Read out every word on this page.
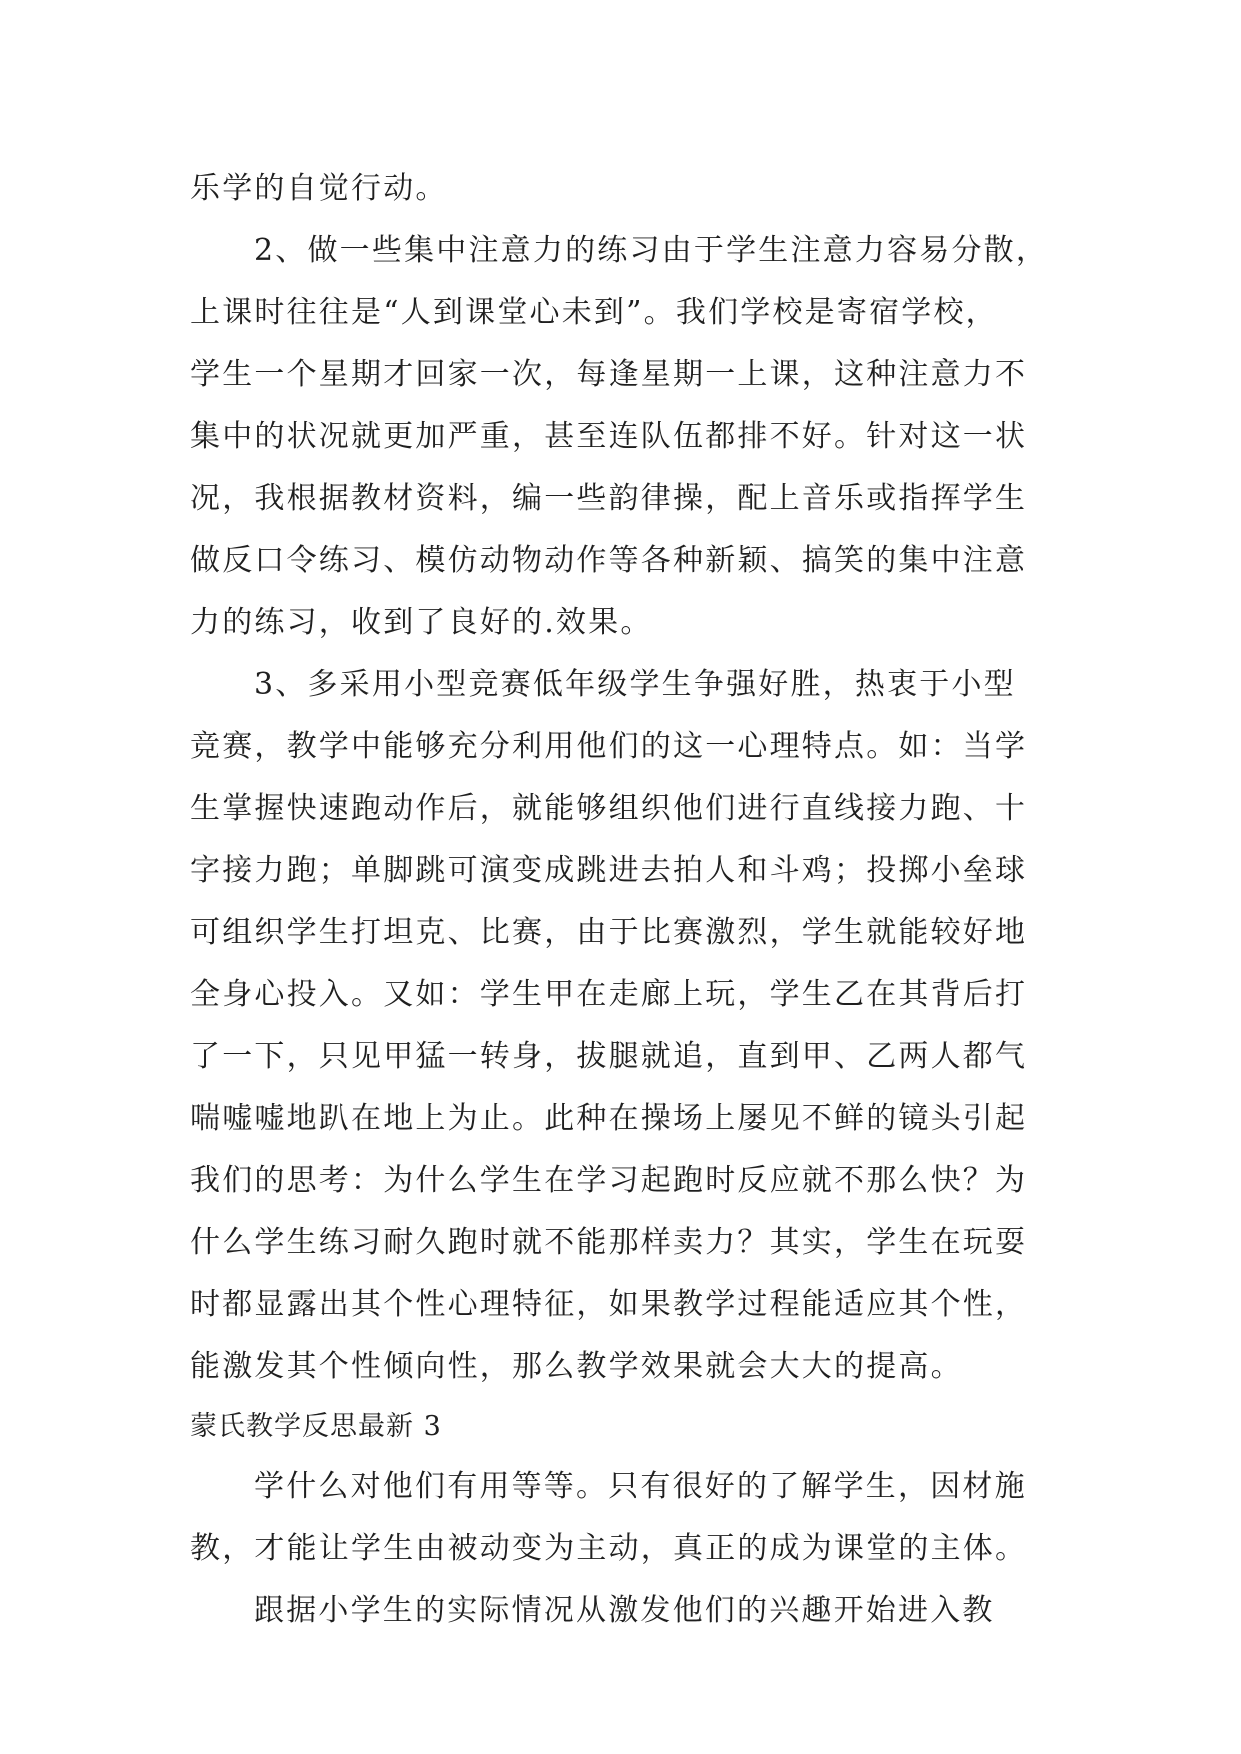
乐学的自觉行动。
2、做一些集中注意力的练习由于学生注意力容易分散，
上课时往往是“人到课堂心未到”。我们学校是寄宿学校，
学生一个星期才回家一次，每逢星期一上课，这种注意力不
集中的状况就更加严重，甚至连队伍都排不好。针对这一状
况，我根据教材资料，编一些韵律操，配上音乐或指挥学生
做反口令练习、模仿动物动作等各种新颖、搞笑的集中注意
力的练习，收到了良好的.效果。
3、多采用小型竞赛低年级学生争强好胜，热衷于小型
竞赛，教学中能够充分利用他们的这一心理特点。如：当学
生掌握快速跑动作后，就能够组织他们进行直线接力跑、十
字接力跑；单脚跳可演变成跳进去拍人和斗鸡；投掷小垒球
可组织学生打坦克、比赛，由于比赛激烈，学生就能较好地
全身心投入。又如：学生甲在走廊上玩，学生乙在其背后打
了一下，只见甲猛一转身，拔腿就追，直到甲、乙两人都气
喘嘘嘘地趴在地上为止。此种在操场上屡见不鲜的镜头引起
我们的思考：为什么学生在学习起跑时反应就不那么快？为
什么学生练习耐久跑时就不能那样卖力？其实，学生在玩耍
时都显露出其个性心理特征，如果教学过程能适应其个性，
能激发其个性倾向性，那么教学效果就会大大的提高。
蒙氏教学反思最新 3
学什么对他们有用等等。只有很好的了解学生，因材施
教，才能让学生由被动变为主动，真正的成为课堂的主体。
跟据小学生的实际情况从激发他们的兴趣开始进入教
